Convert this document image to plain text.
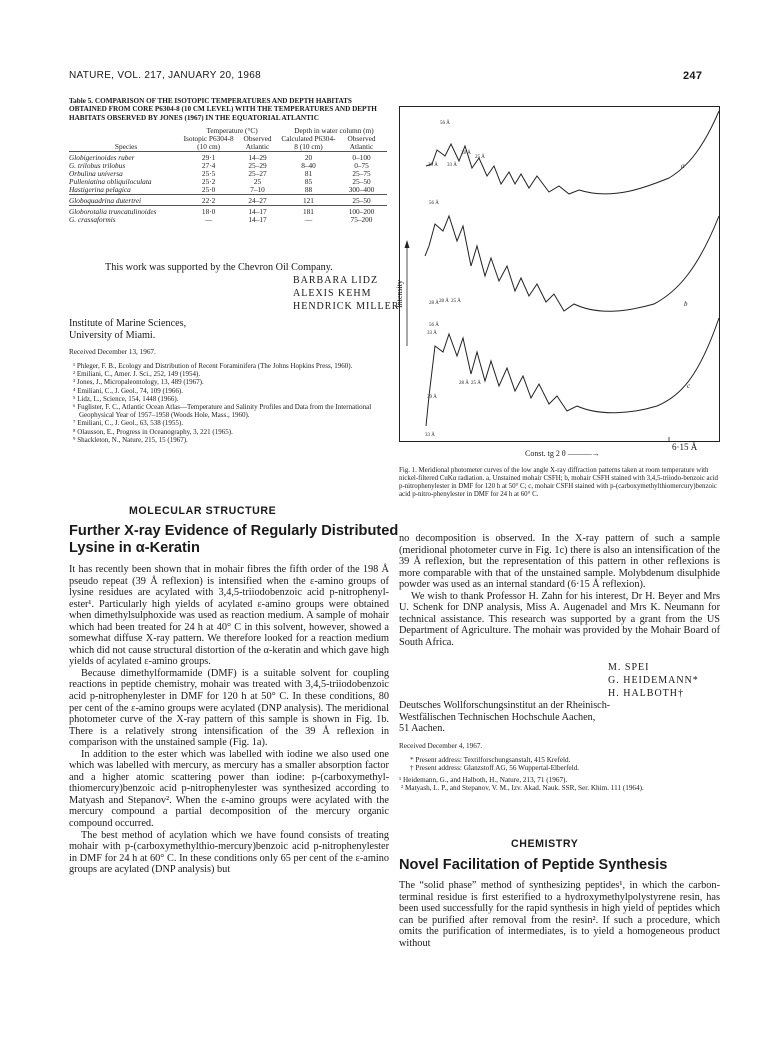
NATURE, VOL. 217, JANUARY 20, 1968	247
Table 5. COMPARISON OF THE ISOTOPIC TEMPERATURES AND DEPTH HABITATS OBTAINED FROM CORE P6304-8 (10 CM LEVEL) WITH THE TEMPERATURES AND DEPTH HABITATS OBSERVED BY JONES (1967) IN THE EQUATORIAL ATLANTIC
	Temperature (°C)		Depth in water column (m)	
Species	Isotopic P6304-8 (10 cm)	Observed Atlantic	Calculated P6304-8 (10 cm)	Observed Atlantic

Globigerinoides ruber	29·1	14–29	20	0–100
G. trilobus trilobus	27·4	25–29	8–40	0–75
Orbulina universa	25·5	25–27	81	25–75
Pulleniatina obliquiloculata	25·2	25	85	25–50
Hastigerina pelagica	25·0	7–10	88	300–400

Globoquadrina dutertrei	22·2	24–27	121	25–50

Globorotalia truncatulinoides	18·0	14–17	181	100–200
G. crassaformis	—	14–17	—	75–200
This work was supported by the Chevron Oil Company.
BARBARA LIDZ
ALEXIS KEHM
HENDRICK MILLER
Institute of Marine Sciences,
University of Miami.
Received December 13, 1967.
¹ Phleger, F. B., Ecology and Distribution of Recent Foraminifera (The Johns Hopkins Press, 1960).
² Emiliani, C., Amer. J. Sci., 252, 149 (1954).
³ Jones, J., Micropaleontology, 13, 489 (1967).
⁴ Emiliani, C., J. Geol., 74, 109 (1966).
⁵ Lidz, L., Science, 154, 1448 (1966).
⁶ Fuglister, F. C., Atlantic Ocean Atlas—Temperature and Salinity Profiles and Data from the International Geophysical Year of 1957–1958 (Woods Hole, Mass., 1960).
⁷ Emiliani, C., J. Geol., 63, 538 (1955).
⁸ Olausson, E., Progress in Oceanography, 3, 221 (1965).
⁹ Shackleton, N., Nature, 215, 15 (1967).
MOLECULAR STRUCTURE
Further X-ray Evidence of Regularly Distributed Lysine in α-Keratin

It has recently been shown that in mohair fibres the fifth order of the 198 Å pseudo repeat (39 Å reflexion) is intensified when the ε-amino groups of lysine residues are acylated with 3,4,5-triiodobenzoic acid p-nitrophenyl-ester¹. Particularly high yields of acylated ε-amino groups were obtained when dimethylsulphoxide was used as reaction medium. A sample of mohair which had been treated for 24 h at 40° C in this solvent, however, showed a somewhat diffuse X-ray pattern. We therefore looked for a reaction medium which did not cause structural distortion of the α-keratin and which gave high yields of acylated ε-amino groups.

Because dimethylformamide (DMF) is a suitable solvent for coupling reactions in peptide chemistry, mohair was treated with 3,4,5-triiodobenzoic acid p-nitrophenylester in DMF for 120 h at 50° C. In these conditions, 80 per cent of the ε-amino groups were acylated (DNP analysis). The meridional photometer curve of the X-ray pattern of this sample is shown in Fig. 1b. There is a relatively strong intensification of the 39 Å reflexion in comparison with the unstained sample (Fig. 1a).

In addition to the ester which was labelled with iodine we also used one which was labelled with mercury, as mercury has a smaller absorption factor and a higher atomic scattering power than iodine: p-(carboxymethyl-thiomercury)benzoic acid p-nitrophenylester was synthesized according to Matyash and Stepanov². When the ε-amino groups were acylated with the mercury compound a partial decomposition of the mercury organic compound occurred.

The best method of acylation which we have found consists of treating mohair with p-(carboxymethylthio-mercury)benzoic acid p-nitrophenylester in DMF for 24 h at 60° C. In these conditions only 65 per cent of the ε-amino groups are acylated (DNP analysis) but

56 Å
33 Å
28 Å
25 Å
39 Å
56 Å
28 Å 28 Å 25 Å
33 Å
56 Å
28 Å 25 Å
39 Å
33 Å
a
b
c
Intensity
6·15 Å
Const. tg 2 θ ———→
Fig. 1. Meridional photometer curves of the low angle X-ray diffraction patterns taken at room temperature with nickel-filtered CuKα radiation. a, Unstained mohair CSFH; b, mohair CSFH stained with 3,4,5-triiodo-benzoic acid p-nitrophenylester in DMF for 120 h at 50° C; c, mohair CSFH stained with p-(carboxymethylthiomercury)benzoic acid p-nitro-phenylester in DMF for 24 h at 60° C.

no decomposition is observed. In the X-ray pattern of such a sample (meridional photometer curve in Fig. 1c) there is also an intensification of the 39 Å reflexion, but the representation of this pattern in other reflexions is more comparable with that of the unstained sample. Molybdenum disulphide powder was used as an internal standard (6·15 Å reflexion).

We wish to thank Professor H. Zahn for his interest, Dr H. Beyer and Mrs U. Schenk for DNP analysis, Miss A. Augenadel and Mrs K. Neumann for technical assistance. This research was supported by a grant from the US Department of Agriculture. The mohair was provided by the Mohair Board of South Africa.

M. SPEI
G. HEIDEMANN*
H. HALBOTH†
Deutsches Wollforschungsinstitut an der Rheinisch-
Westfälischen Technischen Hochschule Aachen,
51 Aachen.
Received December 4, 1967.
* Present address: Textilforschungsanstalt, 415 Krefeld.
† Present address: Glanzstoff AG, 56 Wuppertal-Elberfeld.
¹ Heidemann, G., and Halboth, H., Nature, 213, 71 (1967).
² Matyash, L. P., and Stepanov, V. M., Izv. Akad. Nauk. SSR, Ser. Khim. 111 (1964).
CHEMISTRY
Novel Facilitation of Peptide Synthesis

The “solid phase” method of synthesizing peptides¹, in which the carbon-terminal residue is first esterified to a hydroxymethylpolystyrene resin, has been used successfully for the rapid synthesis in high yield of peptides which can be purified after removal from the resin². If such a procedure, which omits the purification of intermediates, is to yield a homogeneous product without
